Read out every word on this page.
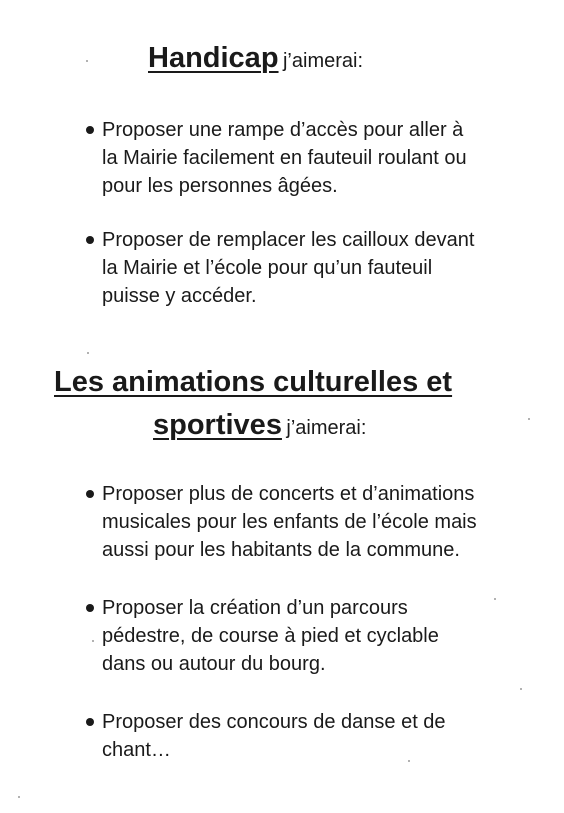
Handicap j’aimerai:
Proposer une rampe d’accès pour aller à
la Mairie facilement en fauteuil roulant ou
pour les personnes âgées.
Proposer de remplacer les cailloux devant
la Mairie et l’école pour qu’un fauteuil
puisse y accéder.
Les animations culturelles et
sportives j’aimerai:
Proposer plus de concerts et d’animations
musicales pour les enfants de l’école mais
aussi pour les habitants de la commune.
Proposer la création d’un parcours
pédestre, de course à pied et cyclable
dans ou autour du bourg.
Proposer des concours de danse et de
chant…
